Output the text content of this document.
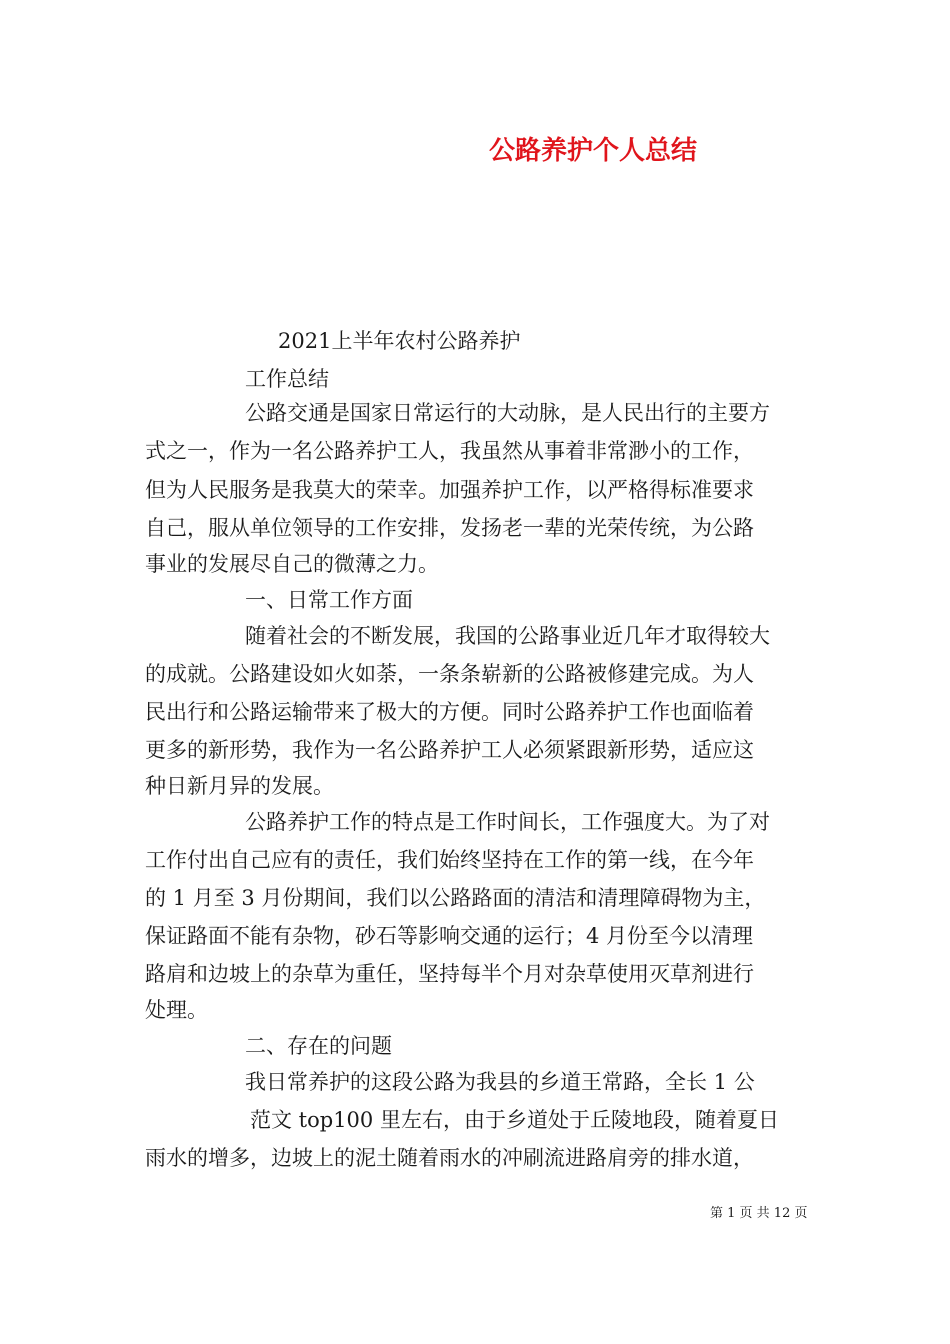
公路养护个人总结

2021上半年农村公路养护

工作总结

公路交通是国家日常运行的大动脉，是人民出行的主要方

式之一，作为一名公路养护工人，我虽然从事着非常渺小的工作，

但为人民服务是我莫大的荣幸。加强养护工作，以严格得标准要求

自己，服从单位领导的工作安排，发扬老一辈的光荣传统，为公路

事业的发展尽自己的微薄之力。

一、日常工作方面

随着社会的不断发展，我国的公路事业近几年才取得较大

的成就。公路建设如火如荼，一条条崭新的公路被修建完成。为人

民出行和公路运输带来了极大的方便。同时公路养护工作也面临着

更多的新形势，我作为一名公路养护工人必须紧跟新形势，适应这

种日新月异的发展。

公路养护工作的特点是工作时间长，工作强度大。为了对

工作付出自己应有的责任，我们始终坚持在工作的第一线，在今年

的 1 月至 3 月份期间，我们以公路路面的清洁和清理障碍物为主，

保证路面不能有杂物，砂石等影响交通的运行；4 月份至今以清理

路肩和边坡上的杂草为重任，坚持每半个月对杂草使用灭草剂进行

处理。

二、存在的问题

我日常养护的这段公路为我县的乡道王常路，全长 1 公

范文 top100 里左右，由于乡道处于丘陵地段，随着夏日

雨水的增多，边坡上的泥土随着雨水的冲刷流进路肩旁的排水道，

第 1 页 共 12 页
